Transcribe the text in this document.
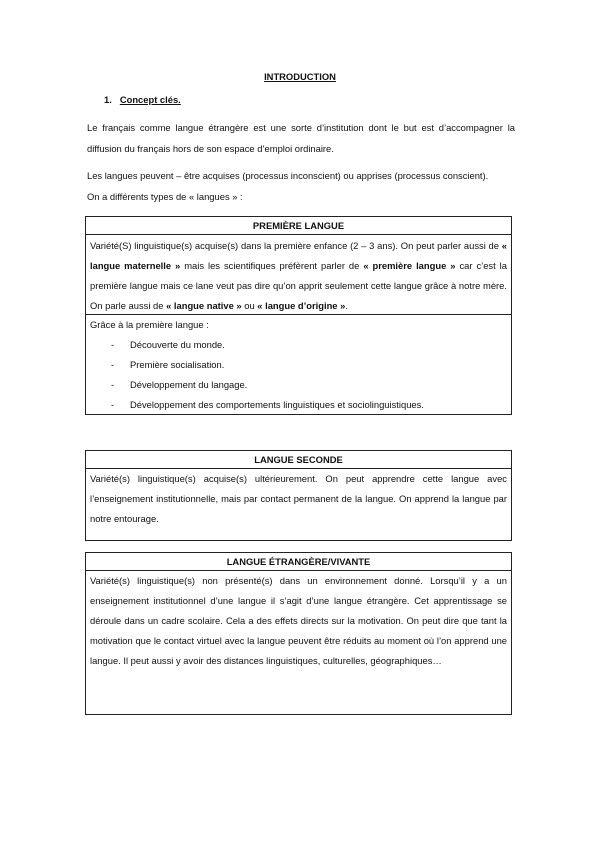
INTRODUCTION
1. Concept clés.
Le français comme langue étrangère est une sorte d’institution dont le but est d’accompagner la diffusion du français hors de son espace d’emploi ordinaire.
Les langues peuvent – être acquises (processus inconscient) ou apprises (processus conscient).
On a différents types de « langues » :
PREMIÈRE LANGUE
Variété(S) linguistique(s) acquise(s) dans la première enfance (2 – 3 ans). On peut parler aussi de « langue maternelle » mais les scientifiques préfèrent parler de « première langue » car c’est la première langue mais ce lane veut pas dire qu’on apprit seulement cette langue grâce à notre mère. On parle aussi de « langue native » ou « langue d’origine ».
Grâce à la première langue :
- Découverte du monde.
- Première socialisation.
- Développement du langage.
- Développement des comportements linguistiques et sociolinguistiques.
LANGUE SECONDE
Variété(s) linguistique(s) acquise(s) ultérieurement. On peut apprendre cette langue avec l’enseignement institutionnelle, mais par contact permanent de la langue. On apprend la langue par notre entourage.
LANGUE ÉTRANGÈRE/VIVANTE
Variété(s) linguistique(s) non présenté(s) dans un environnement donné. Lorsqu’il y a un enseignement institutionnel d’une langue il s’agit d’une langue étrangère. Cet apprentissage se déroule dans un cadre scolaire. Cela a des effets directs sur la motivation. On peut dire que tant la motivation que le contact virtuel avec la langue peuvent être réduits au moment où l’on apprend une langue. Il peut aussi y avoir des distances linguistiques, culturelles, géographiques…
